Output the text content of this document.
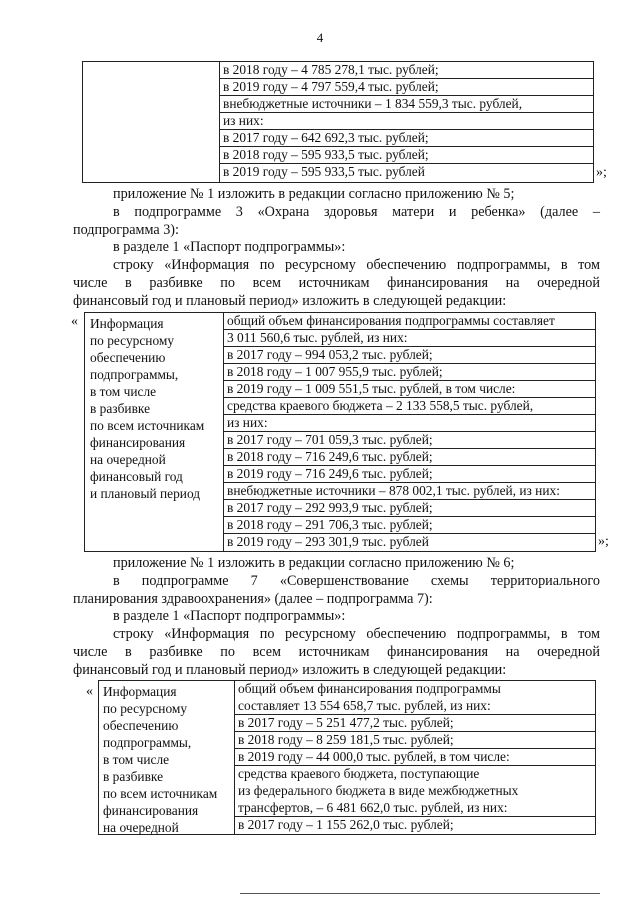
4
в 2018 году – 4 785 278,1 тыс. рублей;
в 2019 году – 4 797 559,4 тыс. рублей;
внебюджетные источники – 1 834 559,3 тыс. рублей,
из них:
в 2017 году – 642 692,3 тыс. рублей;
в 2018 году – 595 933,5 тыс. рублей;
в 2019 году – 595 933,5 тыс. рублей	»;
приложение № 1 изложить в редакции согласно приложению № 5;
в подпрограмме 3 «Охрана здоровья матери и ребенка» (далее –
подпрограмма 3):
в разделе 1 «Паспорт подпрограммы»:
строку «Информация по ресурсному обеспечению подпрограммы, в том
числе в разбивке по всем источникам финансирования на очередной
финансовый год и плановый период» изложить в следующей редакции:
« Информация
по ресурсному
обеспечению
подпрограммы,
в том числе
в разбивке
по всем источникам
финансирования
на очередной
финансовый год
и плановый период
общий объем финансирования подпрограммы составляет
3 011 560,6 тыс. рублей, из них:
в 2017 году – 994 053,2 тыс. рублей;
в 2018 году – 1 007 955,9 тыс. рублей;
в 2019 году – 1 009 551,5 тыс. рублей, в том числе:
средства краевого бюджета – 2 133 558,5 тыс. рублей,
из них:
в 2017 году – 701 059,3 тыс. рублей;
в 2018 году – 716 249,6 тыс. рублей;
в 2019 году – 716 249,6 тыс. рублей;
внебюджетные источники – 878 002,1 тыс. рублей, из них:
в 2017 году – 292 993,9 тыс. рублей;
в 2018 году – 291 706,3 тыс. рублей;
в 2019 году – 293 301,9 тыс. рублей	»;
приложение № 1 изложить в редакции согласно приложению № 6;
в подпрограмме 7 «Совершенствование схемы территориального
планирования здравоохранения» (далее – подпрограмма 7):
в разделе 1 «Паспорт подпрограммы»:
строку «Информация по ресурсному обеспечению подпрограммы, в том
числе в разбивке по всем источникам финансирования на очередной
финансовый год и плановый период» изложить в следующей редакции:
« Информация
по ресурсному
обеспечению
подпрограммы,
в том числе
в разбивке
по всем источникам
финансирования
на очередной
общий объем финансирования подпрограммы
составляет 13 554 658,7 тыс. рублей, из них:
в 2017 году – 5 251 477,2 тыс. рублей;
в 2018 году – 8 259 181,5 тыс. рублей;
в 2019 году – 44 000,0 тыс. рублей, в том числе:
средства краевого бюджета, поступающие
из федерального бюджета в виде межбюджетных
трансфертов, – 6 481 662,0 тыс. рублей, из них:
в 2017 году – 1 155 262,0 тыс. рублей;
